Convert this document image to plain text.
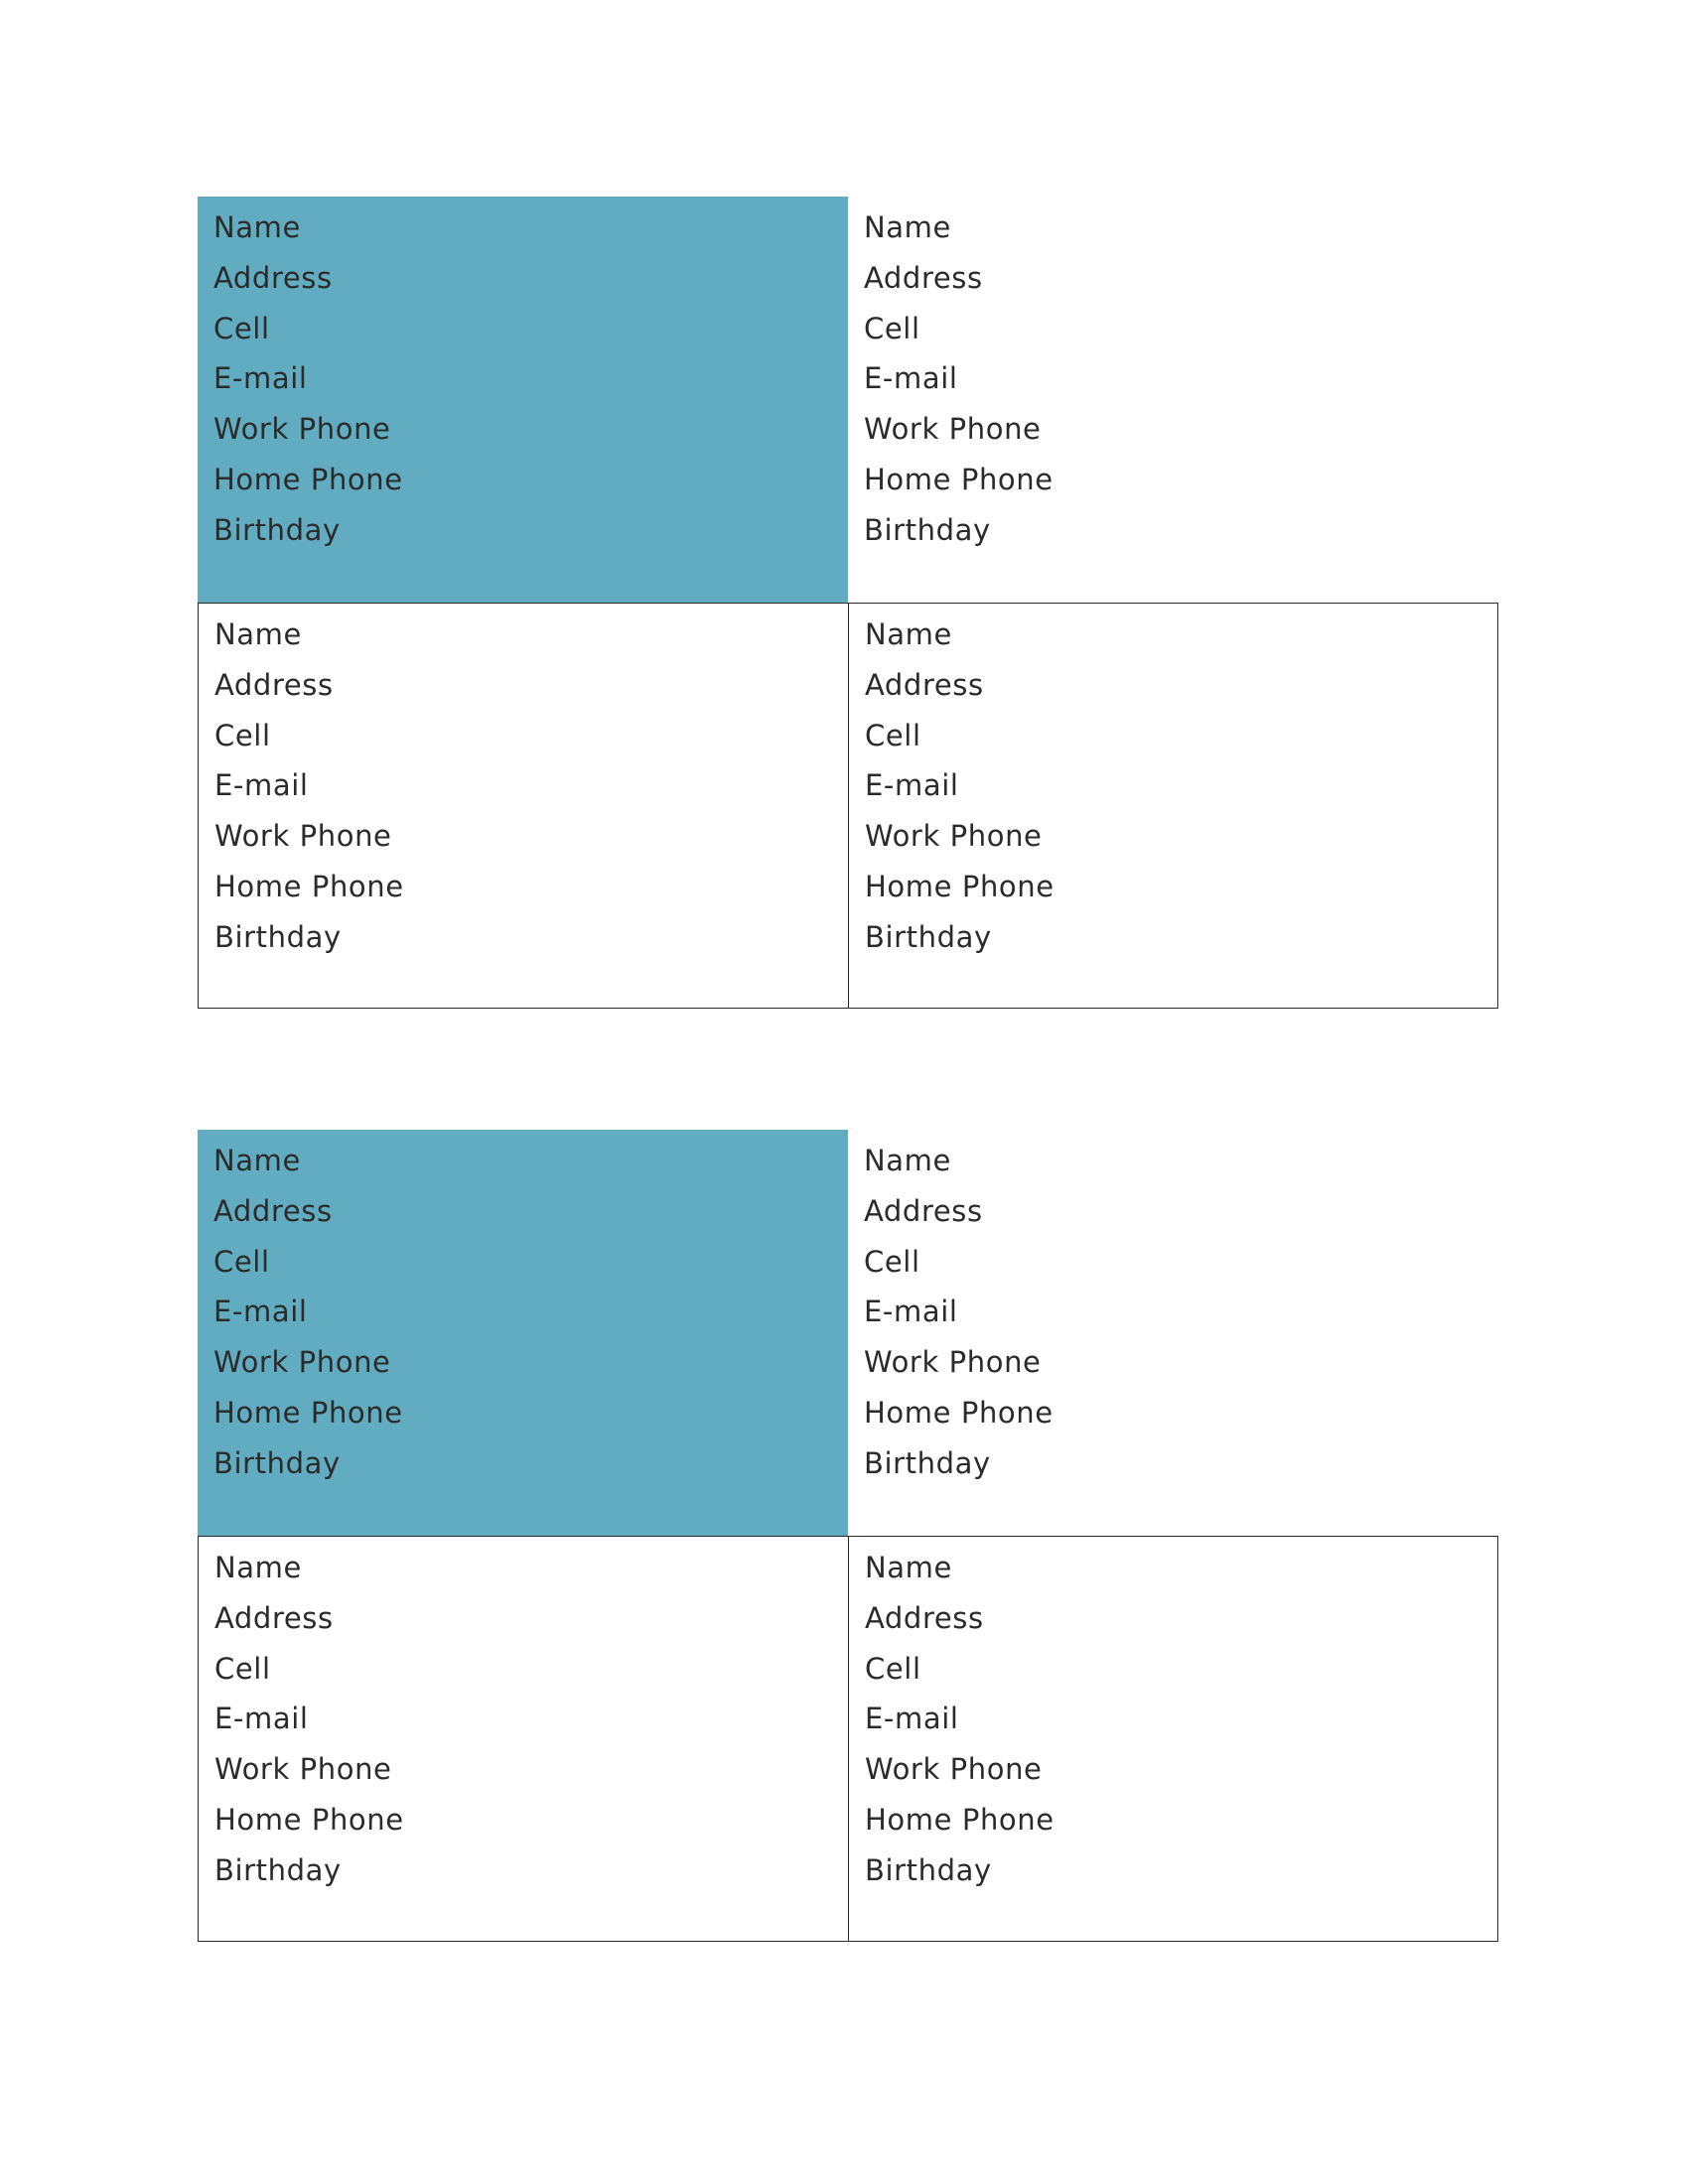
Name
Address
Cell
E-mail
Work Phone
Home Phone
Birthday
Name
Address
Cell
E-mail
Work Phone
Home Phone
Birthday
Name
Address
Cell
E-mail
Work Phone
Home Phone
Birthday
Name
Address
Cell
E-mail
Work Phone
Home Phone
Birthday
Name
Address
Cell
E-mail
Work Phone
Home Phone
Birthday
Name
Address
Cell
E-mail
Work Phone
Home Phone
Birthday
Name
Address
Cell
E-mail
Work Phone
Home Phone
Birthday
Name
Address
Cell
E-mail
Work Phone
Home Phone
Birthday
